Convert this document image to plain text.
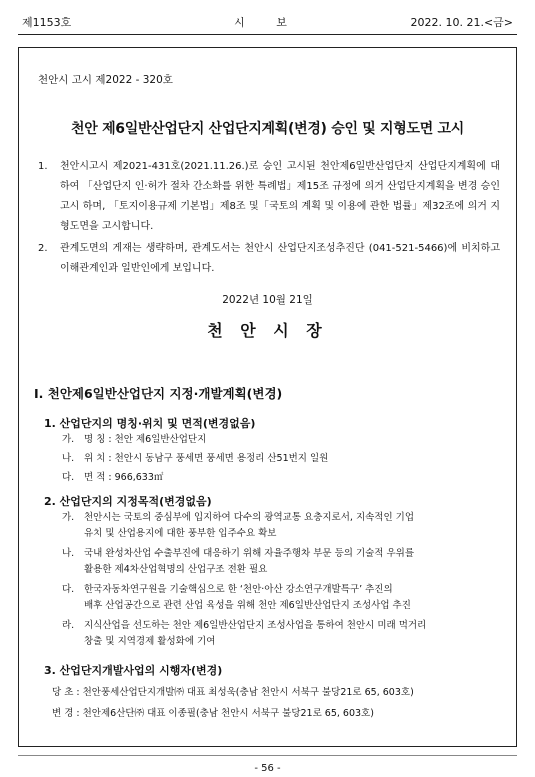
제1153호	시 보	2022. 10. 21.<금>
천안시 고시 제2022 - 320호
천안 제6일반산업단지 산업단지계획(변경) 승인 및 지형도면 고시
1. 천안시고시 제2021-431호(2021.11.26.)로 승인 고시된 천안제6일반산업단지 산업단지계획에 대하여 「산업단지 인·허가 절차 간소화를 위한 특례법」제15조 규정에 의거 산업단지계획을 변경 승인 고시 하며, 「토지이용규제 기본법」제8조 및「국토의 계획 및 이용에 관한 법률」제32조에 의거 지형도면을 고시합니다.
2. 관계도면의 게재는 생략하며, 관계도서는 천안시 산업단지조성추진단 (041-521-5466)에 비치하고 이해관계인과 일반인에게 보입니다.
2022년 10월 21일
천 안 시 장
Ⅰ. 천안제6일반산업단지 지정·개발계획(변경)
1. 산업단지의 명칭·위치 및 면적(변경없음)
가. 명 칭 : 천안 제6일반산업단지
나. 위 치 : 천안시 동남구 풍세면 풍세면 용정리 산51번지 일원
다. 면 적 : 966,633㎡
2. 산업단지의 지정목적(변경없음)
가. 천안시는 국토의 중심부에 입지하여 다수의 광역교통 요충지로서, 지속적인 기업
유치 및 산업용지에 대한 풍부한 입주수요 확보
나. 국내 완성차산업 수출부진에 대응하기 위해 자율주행차 부문 등의 기술적 우위를
활용한 제4차산업혁명의 산업구조 전환 필요
다. 한국자동차연구원을 기술핵심으로 한 ‘천안·아산 강소연구개발특구’ 추진의
배후 산업공간으로 관련 산업 육성을 위해 천안 제6일반산업단지 조성사업 추진
라. 지식산업을 선도하는 천안 제6일반산업단지 조성사업을 통하여 천안시 미래 먹거리
창출 및 지역경제 활성화에 기여
3. 산업단지개발사업의 시행자(변경)
당 초 : 천안풍세산업단지개발㈜ 대표 최성욱(충남 천안시 서북구 불당21로 65, 603호)
변 경 : 천안제6산단㈜ 대표 이종필(충남 천안시 서북구 불당21로 65, 603호)
- 56 -
